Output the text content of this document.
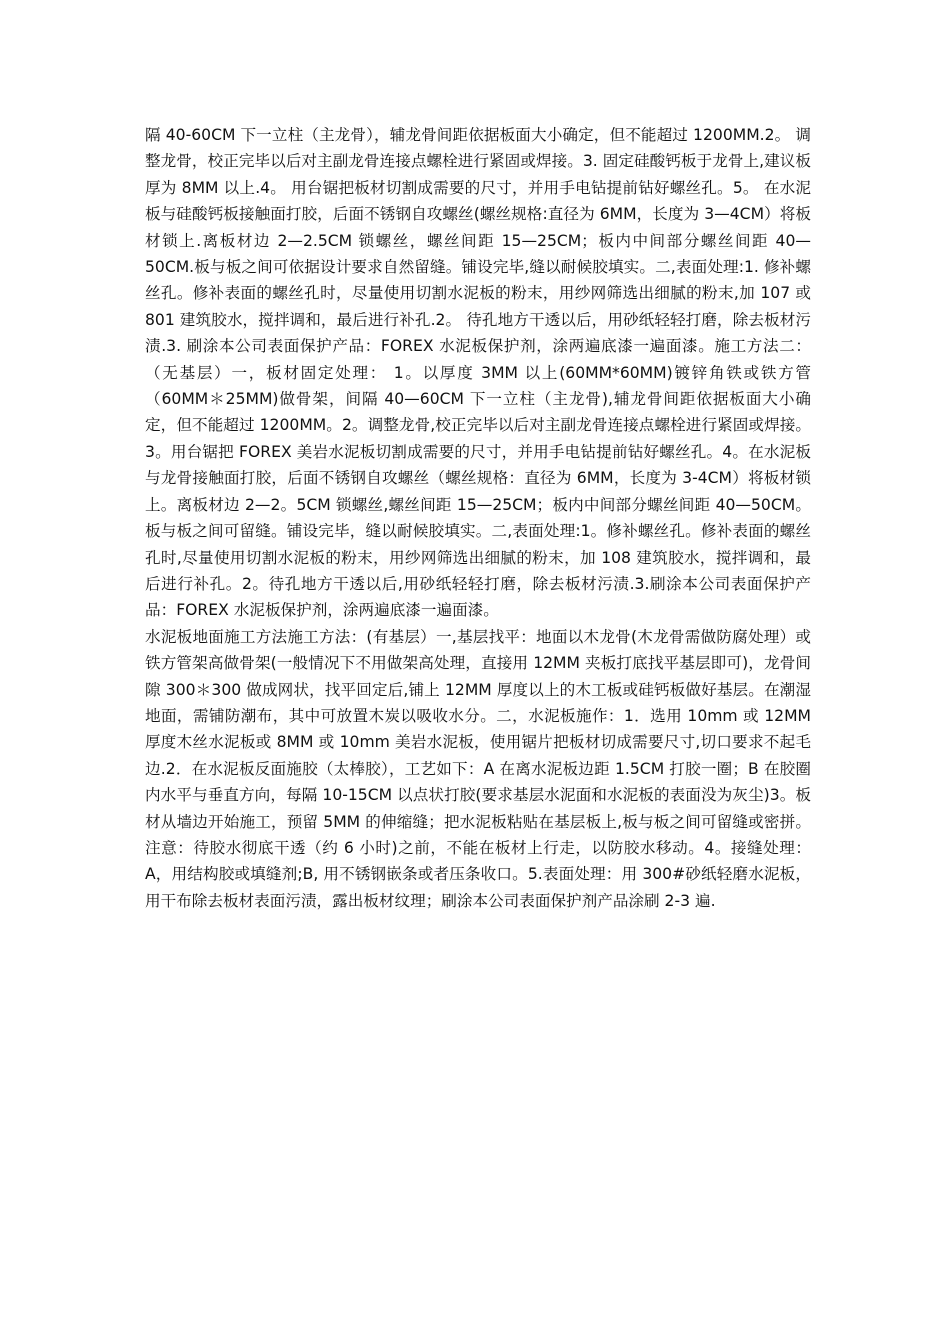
隔 40-60CM 下一立柱（主龙骨），辅龙骨间距依据板面大小确定，但不能超过 1200MM.2。 调整龙骨，校正完毕以后对主副龙骨连接点螺栓进行紧固或焊接。3. 固定硅酸钙板于龙骨上,建议板厚为 8MM 以上.4。 用台锯把板材切割成需要的尺寸，并用手电钻提前钻好螺丝孔。5。 在水泥板与硅酸钙板接触面打胶，后面不锈钢自攻螺丝(螺丝规格:直径为 6MM，长度为 3—4CM）将板材锁上.离板材边 2—2.5CM 锁螺丝，螺丝间距 15—25CM；板内中间部分螺丝间距 40—50CM.板与板之间可依据设计要求自然留缝。铺设完毕,缝以耐候胶填实。二,表面处理:1. 修补螺丝孔。修补表面的螺丝孔时，尽量使用切割水泥板的粉末，用纱网筛选出细腻的粉末,加 107 或 801 建筑胶水，搅拌调和，最后进行补孔.2。 待孔地方干透以后，用砂纸轻轻打磨，除去板材污渍.3. 刷涂本公司表面保护产品：FOREX 水泥板保护剂，涂两遍底漆一遍面漆。施工方法二：（无基层）一，板材固定处理： 1。以厚度 3MM 以上(60MM*60MM)镀锌角铁或铁方管（60MM＊25MM)做骨架，间隔 40—60CM 下一立柱（主龙骨),辅龙骨间距依据板面大小确定，但不能超过 1200MM。2。调整龙骨,校正完毕以后对主副龙骨连接点螺栓进行紧固或焊接。 3。用台锯把 FOREX 美岩水泥板切割成需要的尺寸，并用手电钻提前钻好螺丝孔。4。在水泥板与龙骨接触面打胶，后面不锈钢自攻螺丝（螺丝规格：直径为 6MM，长度为 3-4CM）将板材锁上。离板材边 2—2。5CM 锁螺丝,螺丝间距 15—25CM；板内中间部分螺丝间距 40—50CM。板与板之间可留缝。铺设完毕，缝以耐候胶填实。二,表面处理:1。修补螺丝孔。修补表面的螺丝孔时,尽量使用切割水泥板的粉末，用纱网筛选出细腻的粉末，加 108 建筑胶水，搅拌调和，最后进行补孔。2。待孔地方干透以后,用砂纸轻轻打磨，除去板材污渍.3.刷涂本公司表面保护产品：FOREX 水泥板保护剂，涂两遍底漆一遍面漆。

水泥板地面施工方法施工方法：(有基层）一,基层找平：地面以木龙骨(木龙骨需做防腐处理）或铁方管架高做骨架(一般情况下不用做架高处理，直接用 12MM 夹板打底找平基层即可)，龙骨间隙 300＊300 做成网状，找平回定后,铺上 12MM 厚度以上的木工板或硅钙板做好基层。在潮湿地面，需铺防潮布，其中可放置木炭以吸收水分。二，水泥板施作：1．选用 10mm 或 12MM 厚度木丝水泥板或 8MM 或 10mm 美岩水泥板，使用锯片把板材切成需要尺寸,切口要求不起毛边.2．在水泥板反面施胶（太棒胶），工艺如下：A 在离水泥板边距 1.5CM 打胶一圈；B 在胶圈内水平与垂直方向，每隔 10-15CM 以点状打胶(要求基层水泥面和水泥板的表面没为灰尘)3。板材从墙边开始施工，预留 5MM 的伸缩缝；把水泥板粘贴在基层板上,板与板之间可留缝或密拼。注意：待胶水彻底干透（约 6 小时)之前，不能在板材上行走，以防胶水移动。4。接缝处理：A，用结构胶或填缝剂;B, 用不锈钢嵌条或者压条收口。5.表面处理：用 300#砂纸轻磨水泥板，用干布除去板材表面污渍，露出板材纹理；刷涂本公司表面保护剂产品涂刷 2-3 遍.
